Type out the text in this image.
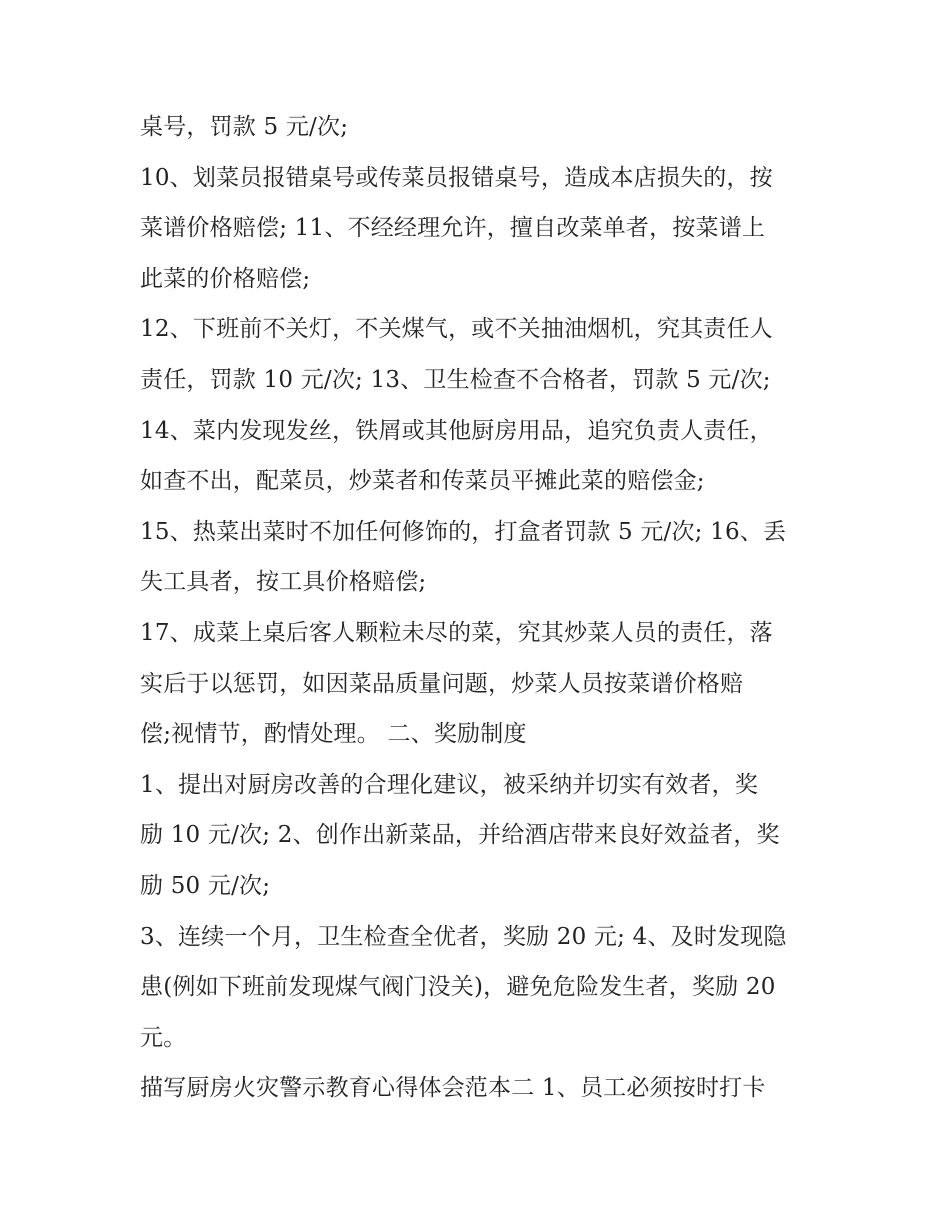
桌号，罚款 5 元/次;
10、划菜员报错桌号或传菜员报错桌号，造成本店损失的，按
菜谱价格赔偿; 11、不经经理允许，擅自改菜单者，按菜谱上
此菜的价格赔偿;
12、下班前不关灯，不关煤气，或不关抽油烟机，究其责任人
责任，罚款 10 元/次; 13、卫生检查不合格者，罚款 5 元/次;
14、菜内发现发丝，铁屑或其他厨房用品，追究负责人责任，
如查不出，配菜员，炒菜者和传菜员平摊此菜的赔偿金;
15、热菜出菜时不加任何修饰的，打盒者罚款 5 元/次; 16、丢
失工具者，按工具价格赔偿;
17、成菜上桌后客人颗粒未尽的菜，究其炒菜人员的责任，落
实后于以惩罚，如因菜品质量问题，炒菜人员按菜谱价格赔
偿;视情节，酌情处理。 二、奖励制度
1、提出对厨房改善的合理化建议，被采纳并切实有效者，奖
励 10 元/次; 2、创作出新菜品，并给酒店带来良好效益者，奖
励 50 元/次;
3、连续一个月，卫生检查全优者，奖励 20 元; 4、及时发现隐
患(例如下班前发现煤气阀门没关)，避免危险发生者，奖励 20
元。
描写厨房火灾警示教育心得体会范本二 1、员工必须按时打卡
